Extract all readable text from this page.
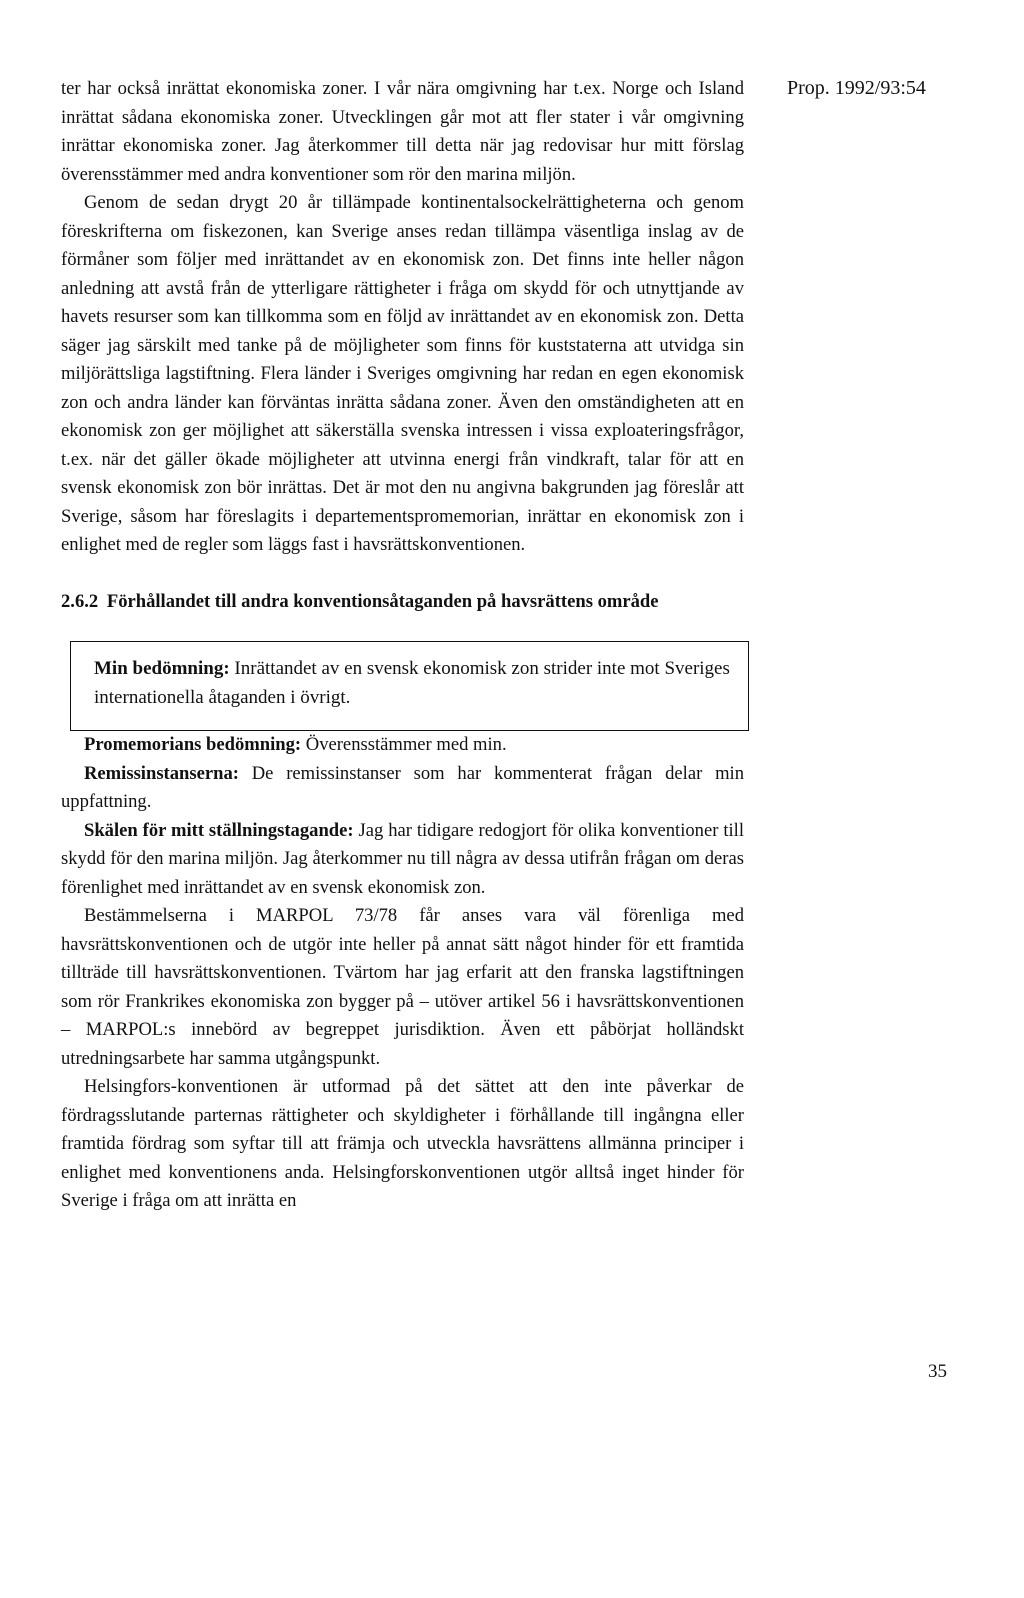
Prop. 1992/93:54

ter har också inrättat ekonomiska zoner. I vår nära omgivning har t.ex. Norge och Island inrättat sådana ekonomiska zoner. Utvecklingen går mot att fler stater i vår omgivning inrättar ekonomiska zoner. Jag återkommer till detta när jag redovisar hur mitt förslag överensstämmer med andra konventioner som rör den marina miljön.

Genom de sedan drygt 20 år tillämpade kontinentalsockelrättigheterna och genom föreskrifterna om fiskezonen, kan Sverige anses redan tillämpa väsentliga inslag av de förmåner som följer med inrättandet av en ekonomisk zon. Det finns inte heller någon anledning att avstå från de ytterligare rättigheter i fråga om skydd för och utnyttjande av havets resurser som kan tillkomma som en följd av inrättandet av en ekonomisk zon. Detta säger jag särskilt med tanke på de möjligheter som finns för kuststaterna att utvidga sin miljörättsliga lagstiftning. Flera länder i Sveriges omgivning har redan en egen ekonomisk zon och andra länder kan förväntas inrätta sådana zoner. Även den omständigheten att en ekonomisk zon ger möjlighet att säkerställa svenska intressen i vissa exploateringsfrågor, t.ex. när det gäller ökade möjligheter att utvinna energi från vindkraft, talar för att en svensk ekonomisk zon bör inrättas. Det är mot den nu angivna bakgrunden jag föreslår att Sverige, såsom har föreslagits i departementspromemorian, inrättar en ekonomisk zon i enlighet med de regler som läggs fast i havsrättskonventionen.

2.6.2 Förhållandet till andra konventionsåtaganden på havsrättens område
Min bedömning: Inrättandet av en svensk ekonomisk zon strider inte mot Sveriges internationella åtaganden i övrigt.

Promemorians bedömning: Överensstämmer med min.

Remissinstanserna: De remissinstanser som har kommenterat frågan delar min uppfattning.

Skälen för mitt ställningstagande: Jag har tidigare redogjort för olika konventioner till skydd för den marina miljön. Jag återkommer nu till några av dessa utifrån frågan om deras förenlighet med inrättandet av en svensk ekonomisk zon.

Bestämmelserna i MARPOL 73/78 får anses vara väl förenliga med havsrättskonventionen och de utgör inte heller på annat sätt något hinder för ett framtida tillträde till havsrättskonventionen. Tvärtom har jag erfarit att den franska lagstiftningen som rör Frankrikes ekonomiska zon bygger på – utöver artikel 56 i havsrättskonventionen – MARPOL:s innebörd av begreppet jurisdiktion. Även ett påbörjat holländskt utredningsarbete har samma utgångspunkt.

Helsingfors-konventionen är utformad på det sättet att den inte påverkar de fördragsslutande parternas rättigheter och skyldigheter i förhållande till ingångna eller framtida fördrag som syftar till att främja och utveckla havsrättens allmänna principer i enlighet med konventionens anda. Helsingforskonventionen utgör alltså inget hinder för Sverige i fråga om att inrätta en

35
